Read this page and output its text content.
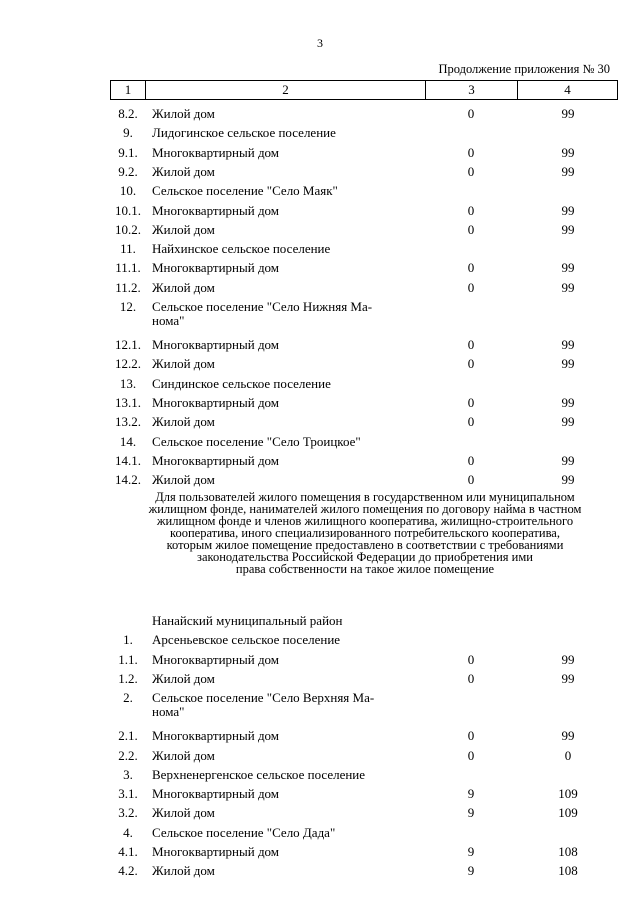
3
Продолжение приложения № 30
1	2	3	4
8.2.	Жилой дом	0	99
9.	Лидогинское сельское поселение
9.1.	Многоквартирный дом	0	99
9.2.	Жилой дом	0	99
10.	Сельское поселение "Село Маяк"
10.1. Многоквартирный дом	0	99
10.2. Жилой дом	0	99
11.	Найхинское сельское поселение
11.1. Многоквартирный дом	0	99
11.2. Жилой дом	0	99
12.	Сельское поселение "Село Нижняя Ма-
нома"
12.1. Многоквартирный дом	0	99
12.2. Жилой дом	0	99
13.	Синдинское сельское поселение
13.1. Многоквартирный дом	0	99
13.2. Жилой дом	0	99
14.	Сельское поселение "Село Троицкое"
14.1. Многоквартирный дом	0	99
14.2. Жилой дом	0	99
Для пользователей жилого помещения в государственном или муниципальном
жилищном фонде, нанимателей жилого помещения по договору найма в частном
жилищном фонде и членов жилищного кооператива, жилищно-строительного
кооператива, иного специализированного потребительского кооператива,
которым жилое помещение предоставлено в соответствии с требованиями
законодательства Российской Федерации до приобретения ими
права собственности на такое жилое помещение
Нанайский муниципальный район
1.	Арсеньевское сельское поселение
1.1.	Многоквартирный дом	0	99
1.2.	Жилой дом	0	99
2.	Сельское поселение "Село Верхняя Ма-
нома"
2.1.	Многоквартирный дом	0	99
2.2.	Жилой дом	0	0
3.	Верхненергенское сельское поселение
3.1.	Многоквартирный дом	9	109
3.2.	Жилой дом	9	109
4.	Сельское поселение "Село Дада"
4.1.	Многоквартирный дом	9	108
4.2.	Жилой дом	9	108
